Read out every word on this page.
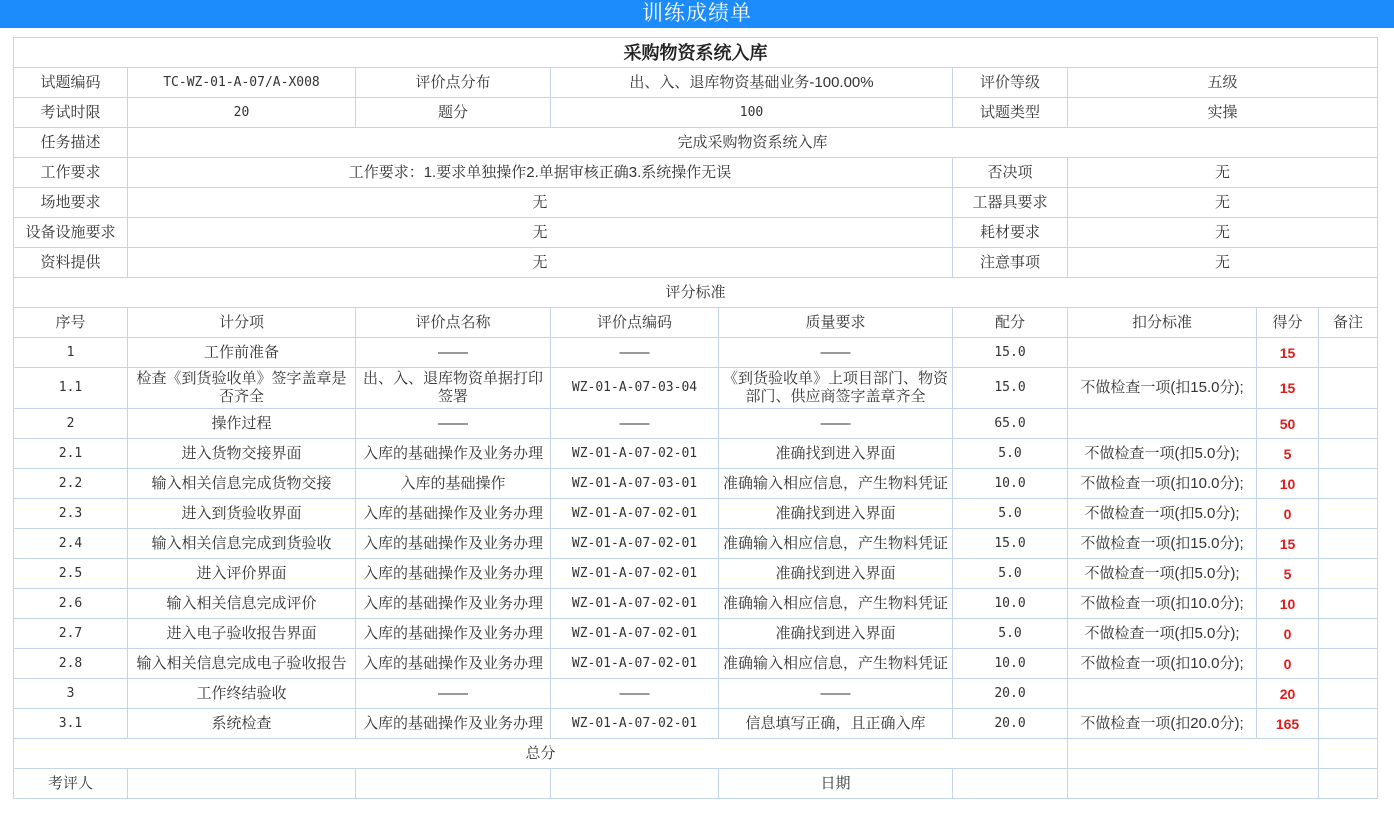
训练成绩单
采购物资系统入库								
试题编码	TC-WZ-01-A-07/A-X008	评价点分布	出、入、退库物资基础业务-100.00%		评价等级	五级		
考试时限	20	题分	100		试题类型	实操		
任务描述	完成采购物资系统入库							
工作要求	工作要求：1.要求单独操作2.单据审核正确3.系统操作无误				否决项	无		
场地要求	无				工器具要求	无		
设备设施要求	无				耗材要求	无		
资料提供	无				注意事项	无		
评分标准								
序号	计分项	评价点名称	评价点编码	质量要求	配分	扣分标准	得分	备注
1	工作前准备	——	——	——	15.0		15	
1.1	检查《到货验收单》签字盖章是否齐全	出、入、退库物资单据打印签署	WZ-01-A-07-03-04	《到货验收单》上项目部门、物资部门、供应商签字盖章齐全	15.0	不做检查一项(扣15.0分);	15	
2	操作过程	——	——	——	65.0		50	
2.1	进入货物交接界面	入库的基础操作及业务办理	WZ-01-A-07-02-01	准确找到进入界面	5.0	不做检查一项(扣5.0分);	5	
2.2	输入相关信息完成货物交接	入库的基础操作	WZ-01-A-07-03-01	准确输入相应信息，产生物料凭证	10.0	不做检查一项(扣10.0分);	10	
2.3	进入到货验收界面	入库的基础操作及业务办理	WZ-01-A-07-02-01	准确找到进入界面	5.0	不做检查一项(扣5.0分);	0	
2.4	输入相关信息完成到货验收	入库的基础操作及业务办理	WZ-01-A-07-02-01	准确输入相应信息，产生物料凭证	15.0	不做检查一项(扣15.0分);	15	
2.5	进入评价界面	入库的基础操作及业务办理	WZ-01-A-07-02-01	准确找到进入界面	5.0	不做检查一项(扣5.0分);	5	
2.6	输入相关信息完成评价	入库的基础操作及业务办理	WZ-01-A-07-02-01	准确输入相应信息，产生物料凭证	10.0	不做检查一项(扣10.0分);	10	
2.7	进入电子验收报告界面	入库的基础操作及业务办理	WZ-01-A-07-02-01	准确找到进入界面	5.0	不做检查一项(扣5.0分);	0	
2.8	输入相关信息完成电子验收报告	入库的基础操作及业务办理	WZ-01-A-07-02-01	准确输入相应信息，产生物料凭证	10.0	不做检查一项(扣10.0分);	0	
3	工作终结验收	——	——	——	20.0		20	
3.1	系统检查	入库的基础操作及业务办理	WZ-01-A-07-02-01	信息填写正确，且正确入库	20.0	不做检查一项(扣20.0分);	165	
总分								
考评人				日期				
